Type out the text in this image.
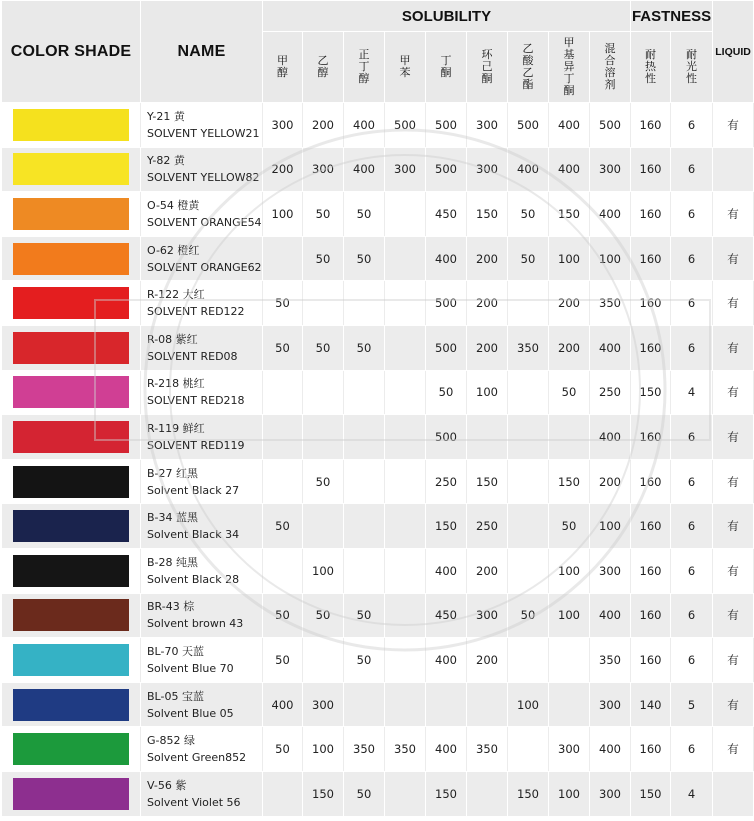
COLOR SHADE	NAME	SOLUBILITY									FASTNESS		LIQUID
		甲醇	乙醇	正丁醇	甲苯	丁酮	环己酮	乙酸乙酯	甲基异丁酮	混合溶剂	耐热性	耐光性	

	Y-21 黄
SOLVENT YELLOW21	300	200	400	500	500	300	500	400	500	160	6	有

	Y-82 黄
SOLVENT YELLOW82	200	300	400	300	500	300	400	400	300	160	6	

	O-54 橙黄
SOLVENT ORANGE54	100	50	50		450	150	50	150	400	160	6	有

	O-62 橙红
SOLVENT ORANGE62		50	50		400	200	50	100	100	160	6	有

	R-122 大红
SOLVENT RED122	50				500	200		200	350	160	6	有

	R-08 紫红
SOLVENT RED08	50	50	50		500	200	350	200	400	160	6	有

	R-218 桃红
SOLVENT RED218					50	100		50	250	150	4	有

	R-119 鲜红
SOLVENT RED119					500				400	160	6	有

	B-27 红黑
Solvent Black 27		50			250	150		150	200	160	6	有

	B-34 蓝黑
Solvent Black 34	50				150	250		50	100	160	6	有

	B-28 纯黑
Solvent Black 28		100			400	200		100	300	160	6	有

	BR-43 棕
Solvent brown 43	50	50	50		450	300	50	100	400	160	6	有

	BL-70 天蓝
Solvent Blue 70	50		50		400	200			350	160	6	有

	BL-05 宝蓝
Solvent Blue 05	400	300					100		300	140	5	有

	G-852 绿
Solvent Green852	50	100	350	350	400	350		300	400	160	6	有

	V-56 紫
Solvent Violet 56		150	50		150		150	100	300	150	4	
